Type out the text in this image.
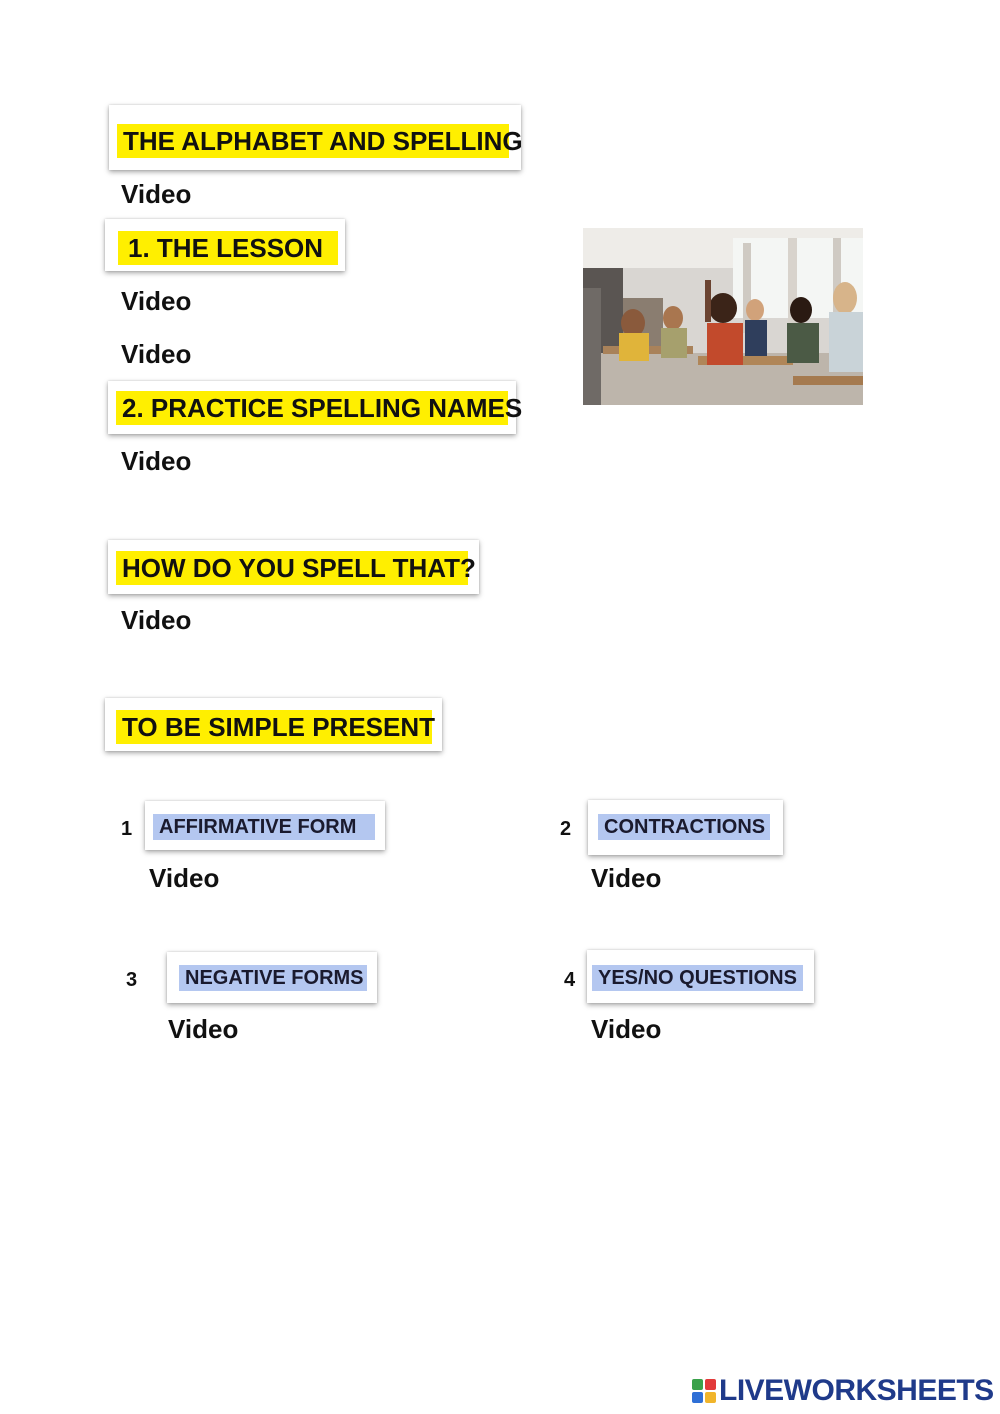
THE ALPHABET AND SPELLING
Video
1. THE LESSON
Video
Video
2. PRACTICE SPELLING NAMES
Video
HOW DO YOU SPELL THAT?
Video
TO BE SIMPLE PRESENT
1	AFFIRMATIVE FORM
Video
2	CONTRACTIONS
Video
3	NEGATIVE FORMS
Video
4	YES/NO QUESTIONS
Video
LIVEWORKSHEETS
